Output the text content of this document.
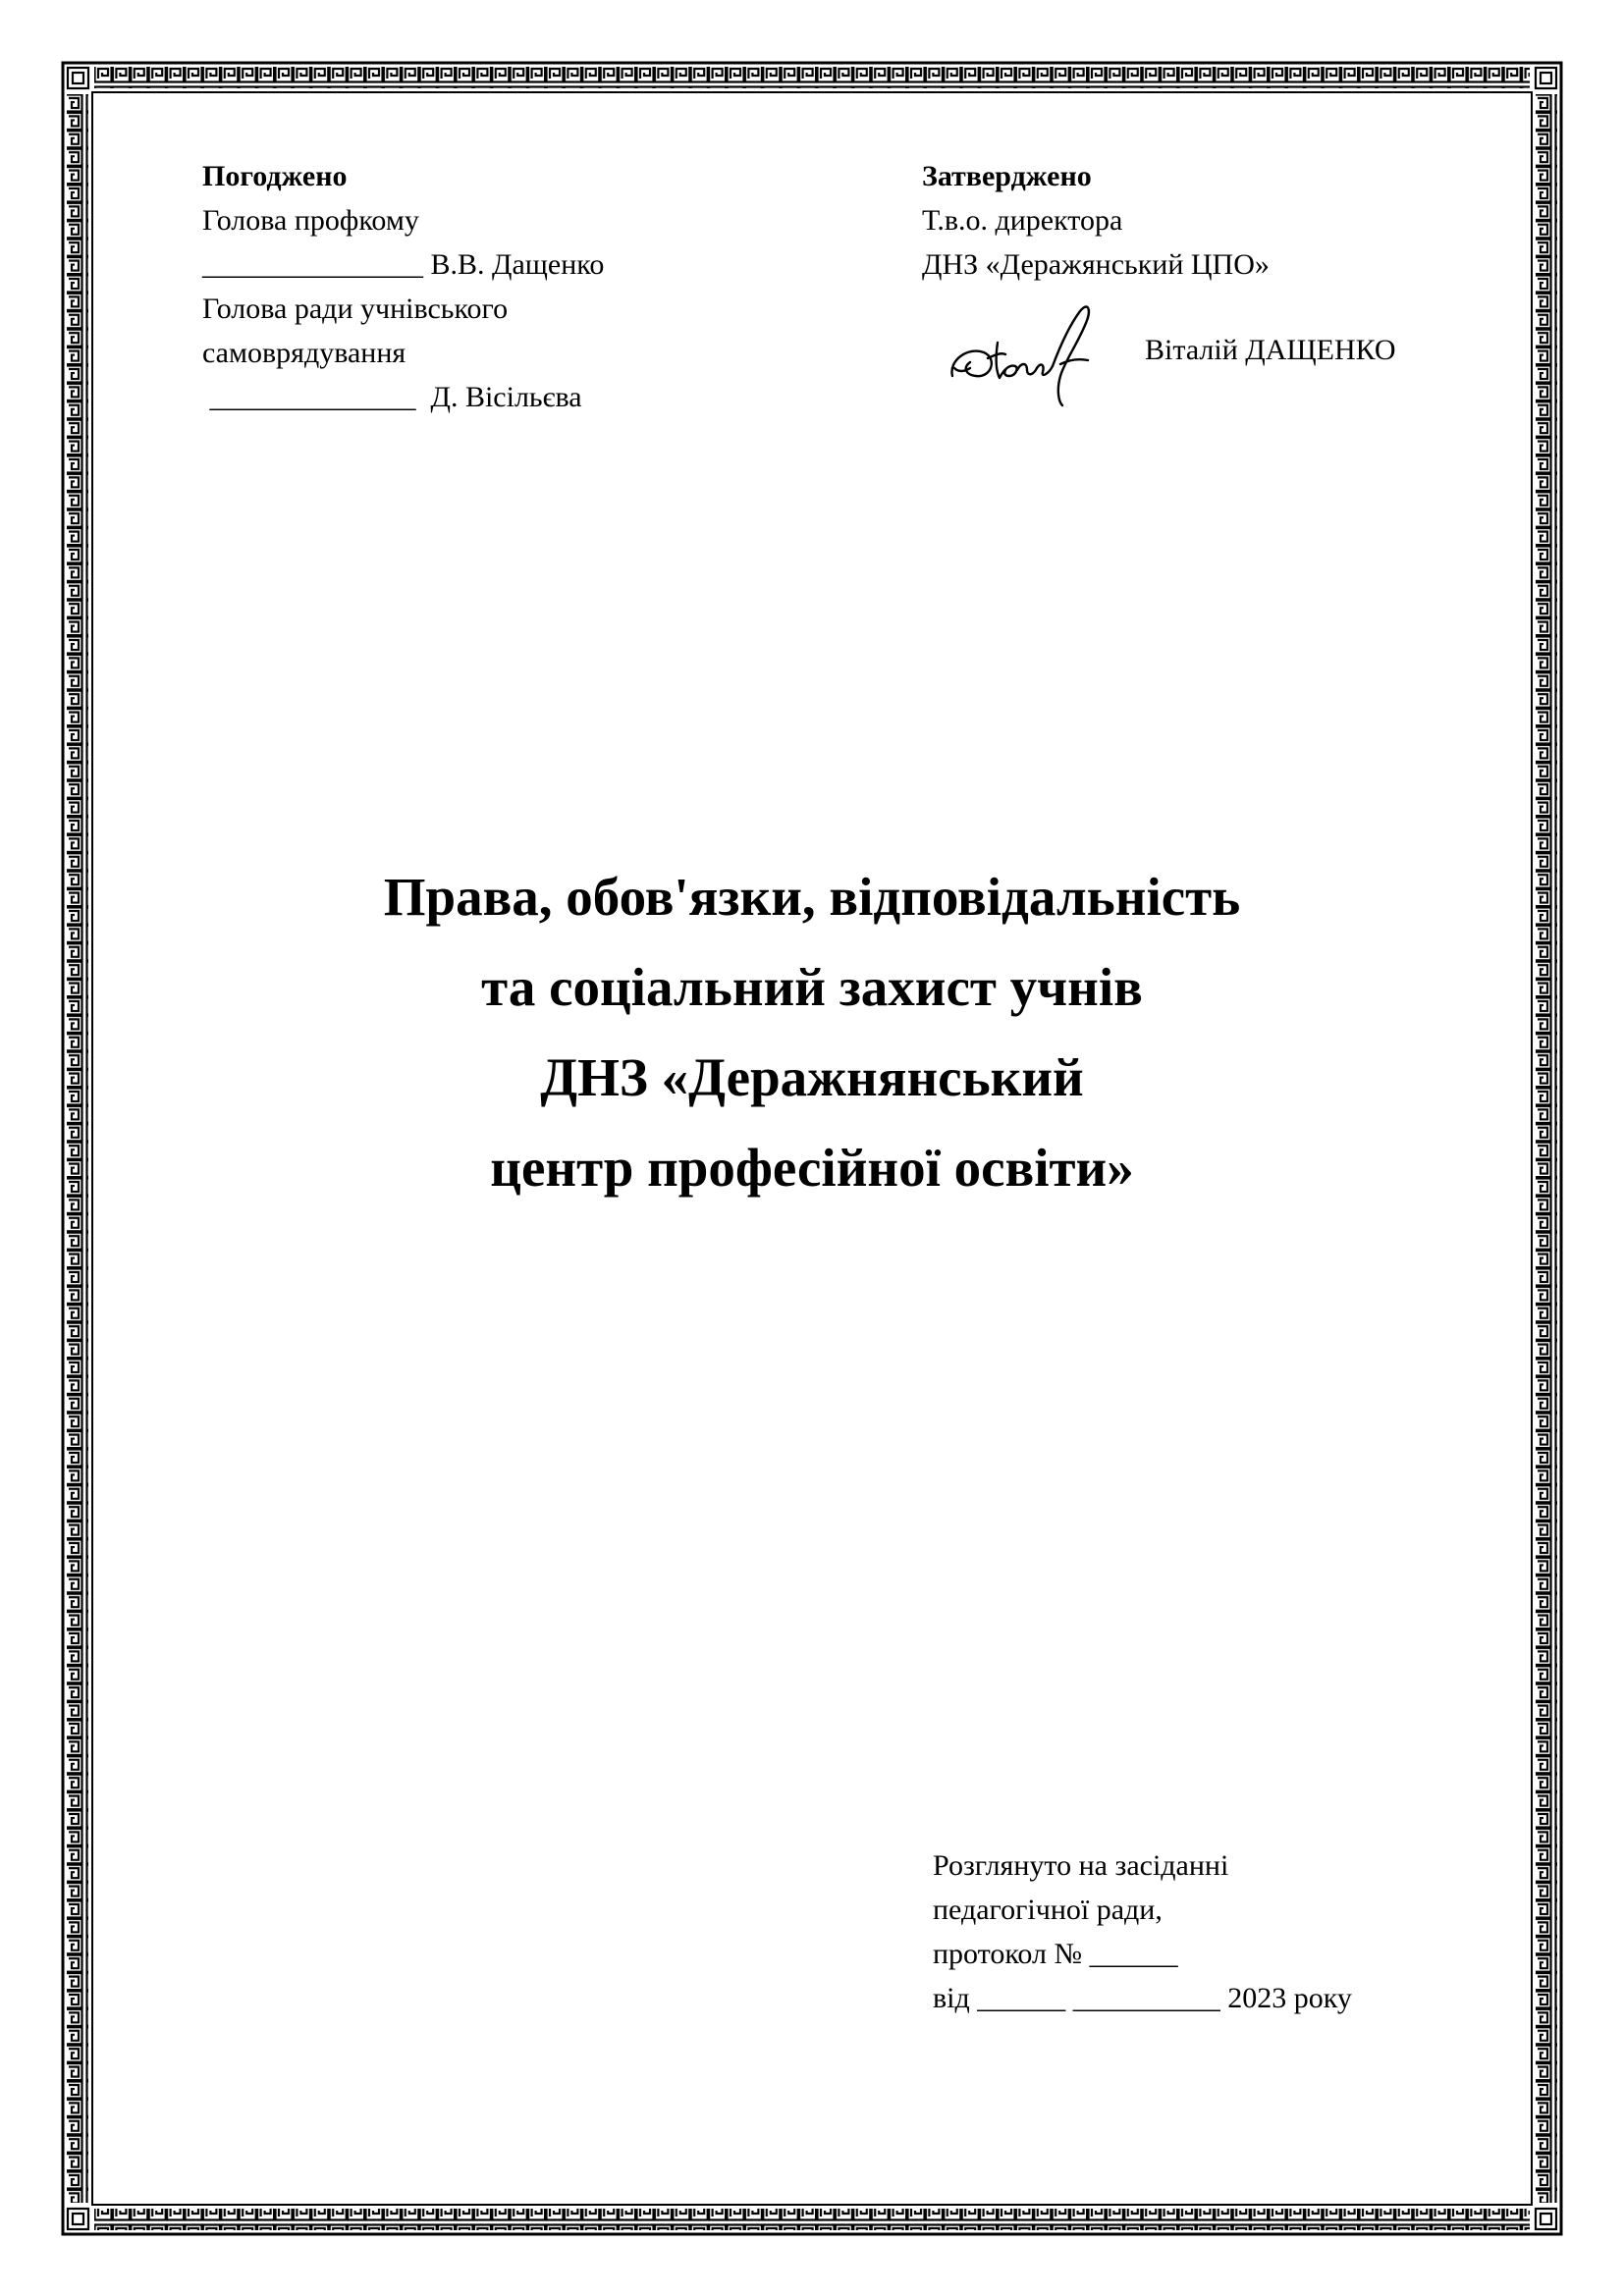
Погоджено
Голова профкому
_______________ В.В. Дащенко
Голова ради учнівського
самоврядування
______________  Д. Вісільєва
Затверджено
Т.в.о. директора
ДНЗ «Деражянський ЦПО»
Віталій ДАЩЕНКО
Права, обов'язки, відповідальність
та соціальний захист учнів
ДНЗ «Деражнянський
центр професійної освіти»
Розглянуто на засіданні
педагогічної ради,
протокол № ______
від ______ __________ 2023 року
